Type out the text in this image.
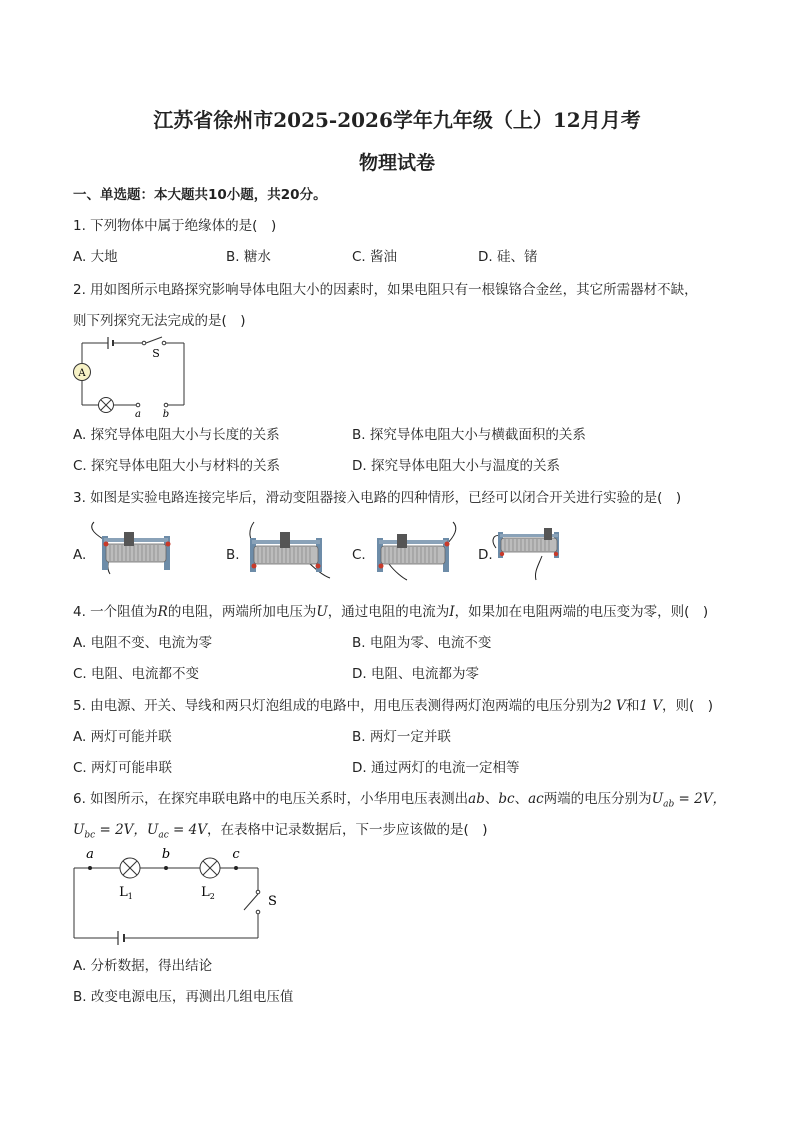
江苏省徐州市2025-2026学年九年级（上）12月月考
物理试卷
一、单选题：本大题共10小题，共20分。
1. 下列物体中属于绝缘体的是(　)
A. 大地	B. 糖水	C. 酱油	D. 硅、锗
2. 用如图所示电路探究影响导体电阻大小的因素时，如果电阻只有一根镍铬合金丝，其它所需器材不缺，
则下列探究无法完成的是(　)
A
S
a b
A. 探究导体电阻大小与长度的关系	B. 探究导体电阻大小与横截面积的关系
C. 探究导体电阻大小与材料的关系	D. 探究导体电阻大小与温度的关系
3. 如图是实验电路连接完毕后，滑动变阻器接入电路的四种情形，已经可以闭合开关进行实验的是(　)
A.	B.	C.	D.
4. 一个阻值为R的电阻，两端所加电压为U，通过电阻的电流为I，如果加在电阻两端的电压变为零，则(　)
A. 电阻不变、电流为零	B. 电阻为零、电流不变
C. 电阻、电流都不变	D. 电阻、电流都为零
5. 由电源、开关、导线和两只灯泡组成的电路中，用电压表测得两灯泡两端的电压分别为2 V和1 V，则(　)
A. 两灯可能并联	B. 两灯一定并联
C. 两灯可能串联	D. 通过两灯的电流一定相等
6. 如图所示，在探究串联电路中的电压关系时，小华用电压表测出ab、bc、ac两端的电压分别为$U_{ab} = 2V$，
$U_{bc} = 2V$，$U_{ac} = 4V$，在表格中记录数据后，下一步应该做的是(　)
a	b	c
$L_1$	$L_2$	S
A. 分析数据，得出结论
B. 改变电源电压，再测出几组电压值
